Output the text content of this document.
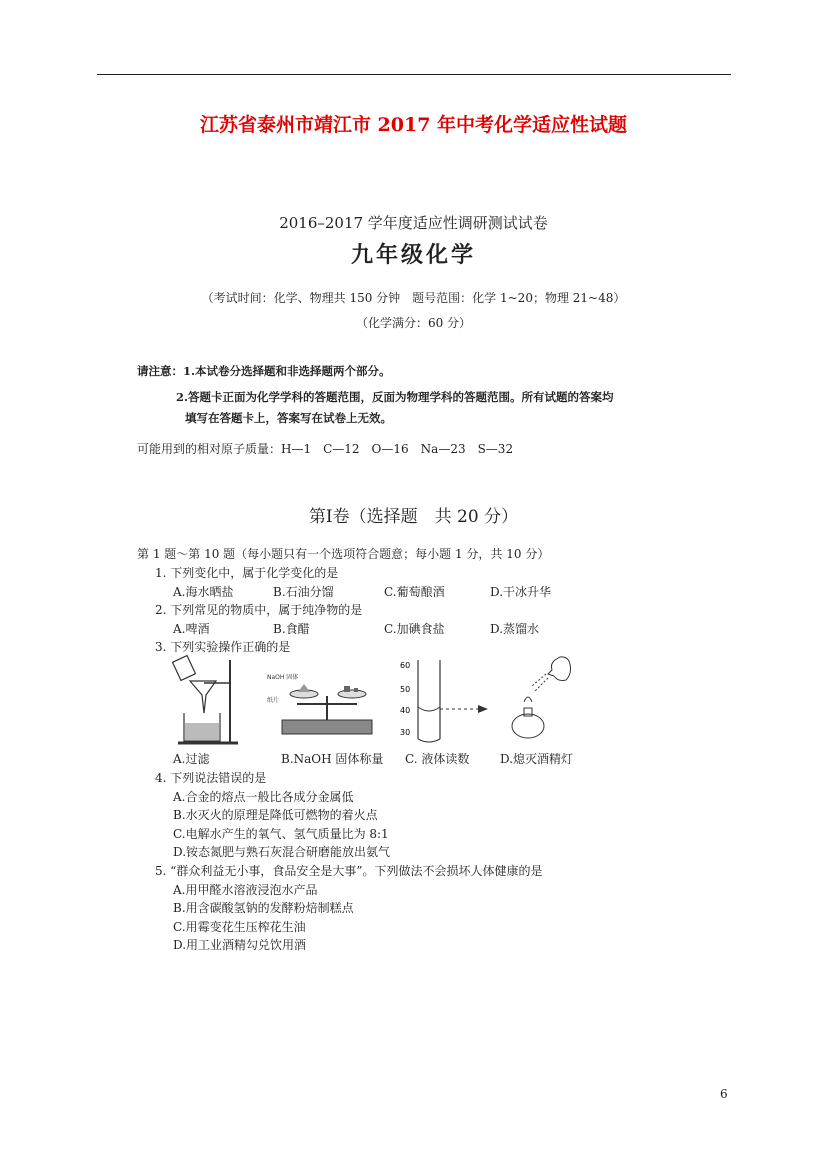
江苏省泰州市靖江市 2017 年中考化学适应性试题
2016–2017 学年度适应性调研测试试卷
九年级化学
（考试时间：化学、物理共 150 分钟　题号范围：化学 1~20；物理 21~48）
（化学满分：60 分）
请注意：1.本试卷分选择题和非选择题两个部分。
2.答题卡正面为化学学科的答题范围，反面为物理学科的答题范围。所有试题的答案均
填写在答题卡上，答案写在试卷上无效。
可能用到的相对原子质量：H—1　C—12　O—16　Na—23　S—32
第Ⅰ卷（选择题　共 20 分）
第 1 题～第 10 题（每小题只有一个选项符合题意；每小题 1 分，共 10 分）
1. 下列变化中，属于化学变化的是
A.海水晒盐	B.石油分馏	C.葡萄酿酒	D.干冰升华
2. 下列常见的物质中，属于纯净物的是
A.啤酒	B.食醋	C.加碘食盐	D.蒸馏水
3. 下列实验操作正确的是
NaOH 固体
纸片
60
50
40
30
A.过滤	B.NaOH 固体称量 C. 液体读数	D.熄灭酒精灯
4. 下列说法错误的是
A.合金的熔点一般比各成分金属低
B.水灭火的原理是降低可燃物的着火点
C.电解水产生的氧气、氢气质量比为 8:1
D.铵态氮肥与熟石灰混合研磨能放出氨气
5. “群众利益无小事，食品安全是大事”。下列做法不会损坏人体健康的是
A.用甲醛水溶液浸泡水产品
B.用含碳酸氢钠的发酵粉焙制糕点
C.用霉变花生压榨花生油
D.用工业酒精勾兑饮用酒
6
